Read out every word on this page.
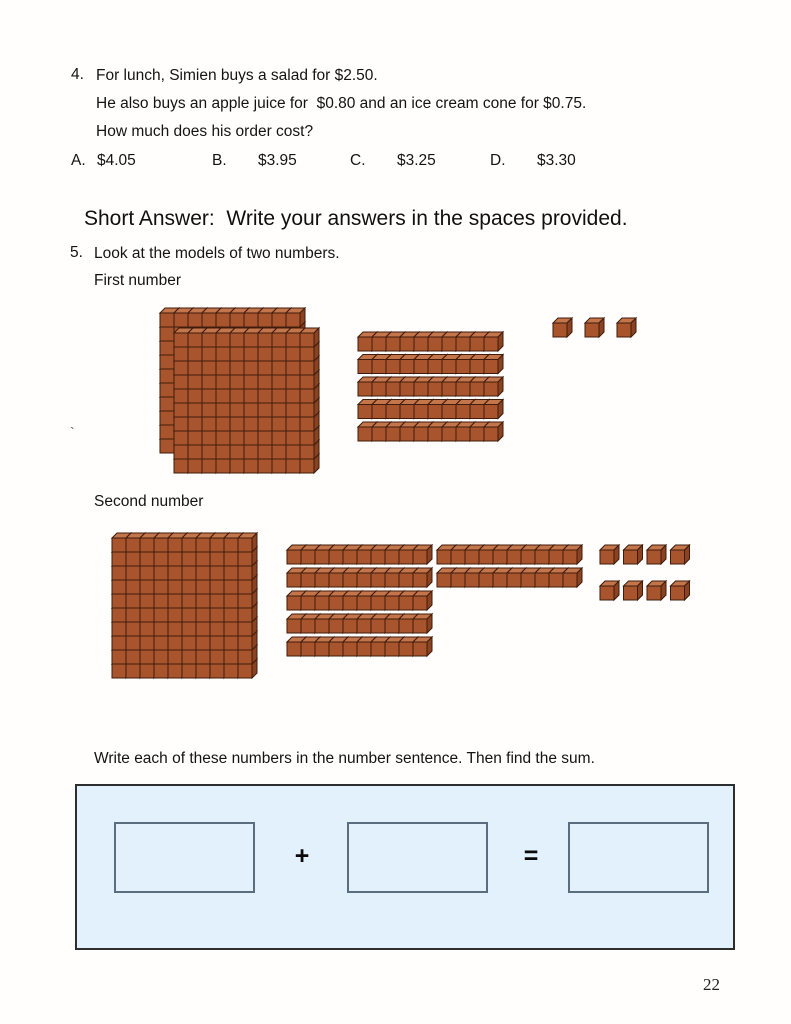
4. For lunch, Simien buys a salad for $2.50.
He also buys an apple juice for  $0.80 and an ice cream cone for $0.75.
How much does his order cost?
A. $4.05	B. $3.95	C. $3.25	D. $3.30
Short Answer:  Write your answers in the spaces provided.
5. Look at the models of two numbers.
First number
`
Second number
Write each of these numbers in the number sentence. Then find the sum.
+	=
22
